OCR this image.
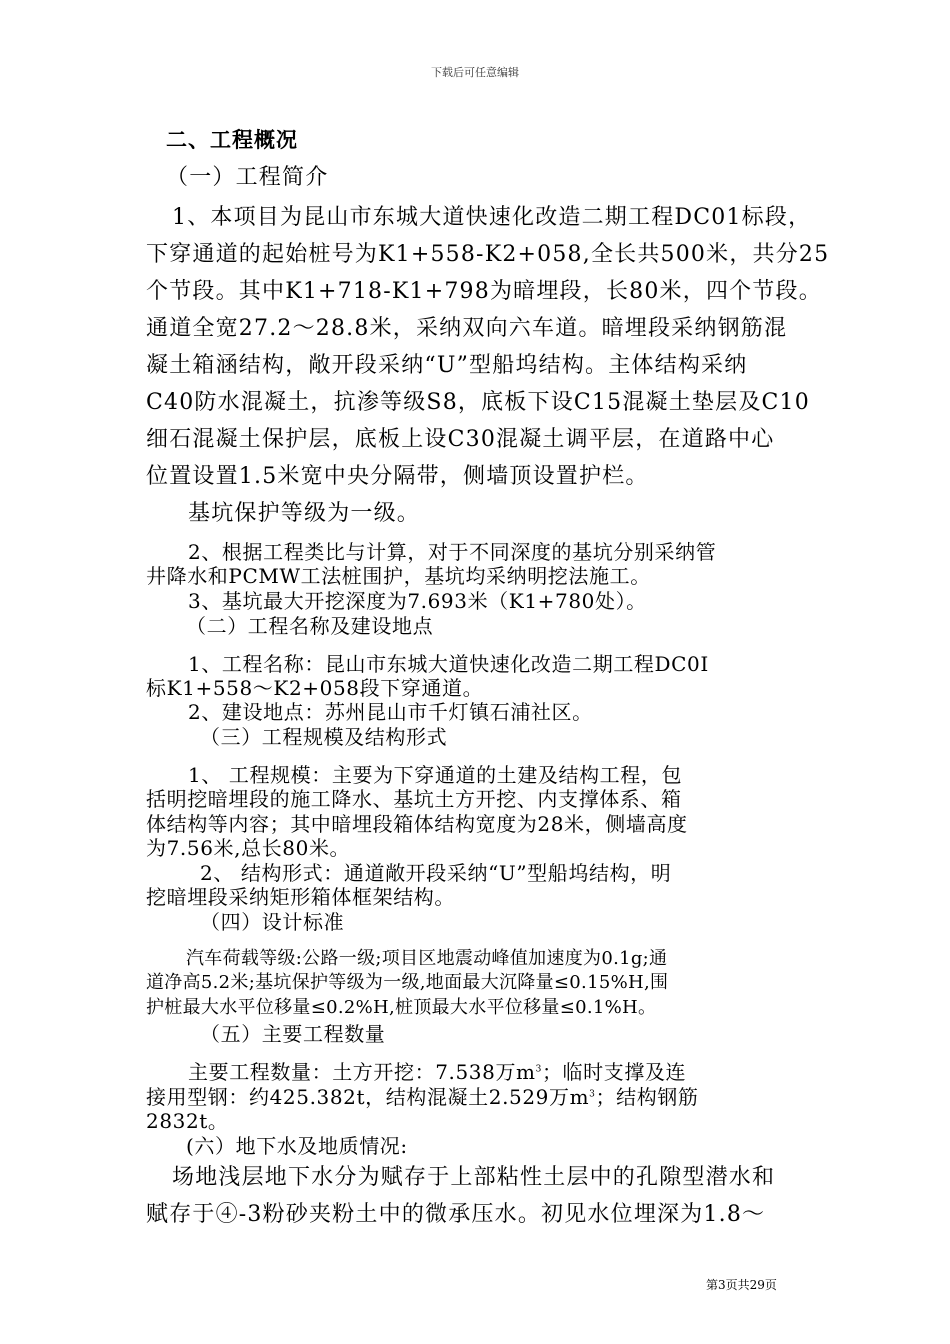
下载后可任意编辑
二、工程概况
（一）工程简介
1、本项目为昆山市东城大道快速化改造二期工程DC01标段，
下穿通道的起始桩号为K1+558-K2+058,全长共500米，共分25
个节段。其中K1+718-K1+798为暗埋段，长80米，四个节段。
通道全宽27.2～28.8米，采纳双向六车道。暗埋段采纳钢筋混
凝土箱涵结构，敞开段采纳“U”型船坞结构。主体结构采纳
C40防水混凝土，抗渗等级S8，底板下设C15混凝土垫层及C10
细石混凝土保护层，底板上设C30混凝土调平层，在道路中心
位置设置1.5米宽中央分隔带，侧墙顶设置护栏。
基坑保护等级为一级。
2、根据工程类比与计算，对于不同深度的基坑分别采纳管
井降水和PCMW工法桩围护，基坑均采纳明挖法施工。
3、基坑最大开挖深度为7.693米（K1+780处）。
（二）工程名称及建设地点
1、工程名称：昆山市东城大道快速化改造二期工程DC0I
标K1+558～K2+058段下穿通道。
2、建设地点：苏州昆山市千灯镇石浦社区。
（三）工程规模及结构形式
1、 工程规模：主要为下穿通道的土建及结构工程，包
括明挖暗埋段的施工降水、基坑土方开挖、内支撑体系、箱
体结构等内容；其中暗埋段箱体结构宽度为28米，侧墙高度
为7.56米,总长80米。
2、 结构形式：通道敞开段采纳“U”型船坞结构，明
挖暗埋段采纳矩形箱体框架结构。
（四）设计标准
汽车荷载等级:公路一级;项目区地震动峰值加速度为0.1g;通
道净高5.2米;基坑保护等级为一级,地面最大沉降量≤0.15%H,围
护桩最大水平位移量≤0.2%H,桩顶最大水平位移量≤0.1%H。
（五）主要工程数量
主要工程数量：土方开挖：7.538万$m^3$；临时支撑及连
接用型钢：约425.382t，结构混凝土2.529万$m^3$；结构钢筋
2832t。
(六）地下水及地质情况:
场地浅层地下水分为赋存于上部粘性土层中的孔隙型潜水和
赋存于④-3粉砂夹粉土中的微承压水。初见水位埋深为1.8～
第3页共29页
